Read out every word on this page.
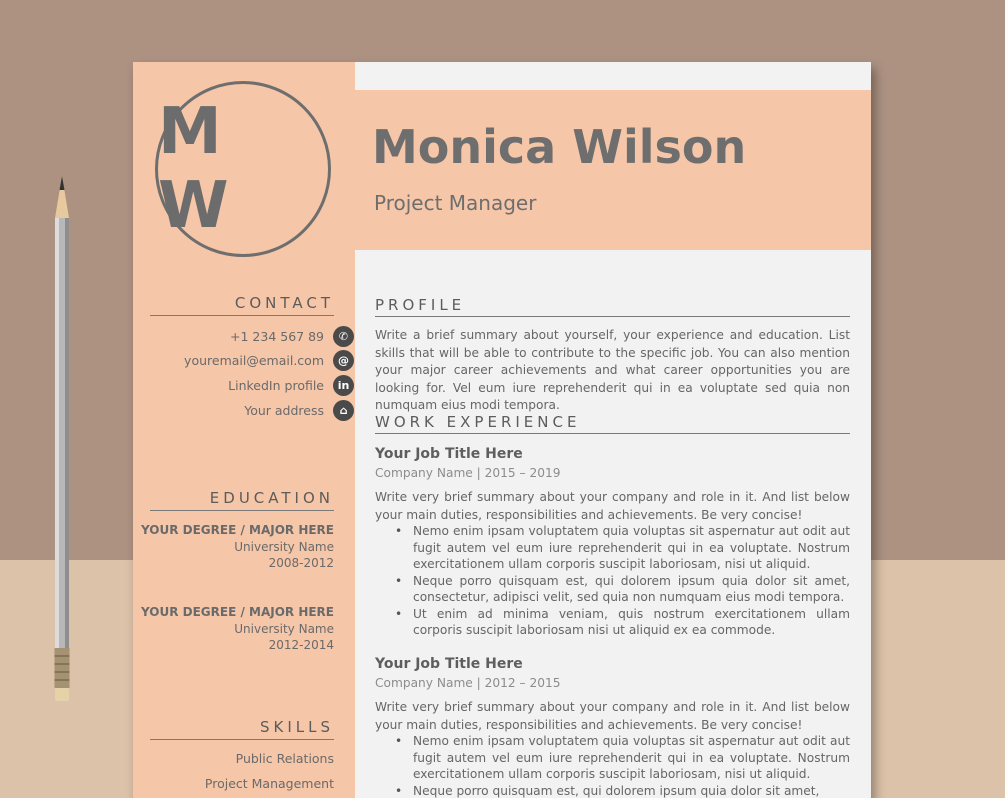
M W
Monica Wilson
Project Manager
CONTACT
+1 234 567 89	✆
youremail@email.com	@
LinkedIn profile	in
Your address	⌂
EDUCATION
YOUR DEGREE / MAJOR HERE
University Name
2008-2012
YOUR DEGREE / MAJOR HERE
University Name
2012-2014
SKILLS
Public Relations
Project Management
PROFILE
Write a brief summary about yourself, your experience and education. List skills that will be able to contribute to the specific job. You can also mention your major career achievements and what career opportunities you are looking for. Vel eum iure reprehenderit qui in ea voluptate sed quia non numquam eius modi tempora.
WORK EXPERIENCE
Your Job Title Here
Company Name | 2015 – 2019
Write very brief summary about your company and role in it. And list below your main duties, responsibilities and achievements. Be very concise!
• Nemo enim ipsam voluptatem quia voluptas sit aspernatur aut odit aut fugit autem vel eum iure reprehenderit qui in ea voluptate. Nostrum exercitationem ullam corporis suscipit laboriosam, nisi ut aliquid.
• Neque porro quisquam est, qui dolorem ipsum quia dolor sit amet, consectetur, adipisci velit, sed quia non numquam eius modi tempora.
• Ut enim ad minima veniam, quis nostrum exercitationem ullam corporis suscipit laboriosam nisi ut aliquid ex ea commode.
Your Job Title Here
Company Name | 2012 – 2015
Write very brief summary about your company and role in it. And list below your main duties, responsibilities and achievements. Be very concise!
• Nemo enim ipsam voluptatem quia voluptas sit aspernatur aut odit aut fugit autem vel eum iure reprehenderit qui in ea voluptate. Nostrum exercitationem ullam corporis suscipit laboriosam, nisi ut aliquid.
• Neque porro quisquam est, qui dolorem ipsum quia dolor sit amet,
